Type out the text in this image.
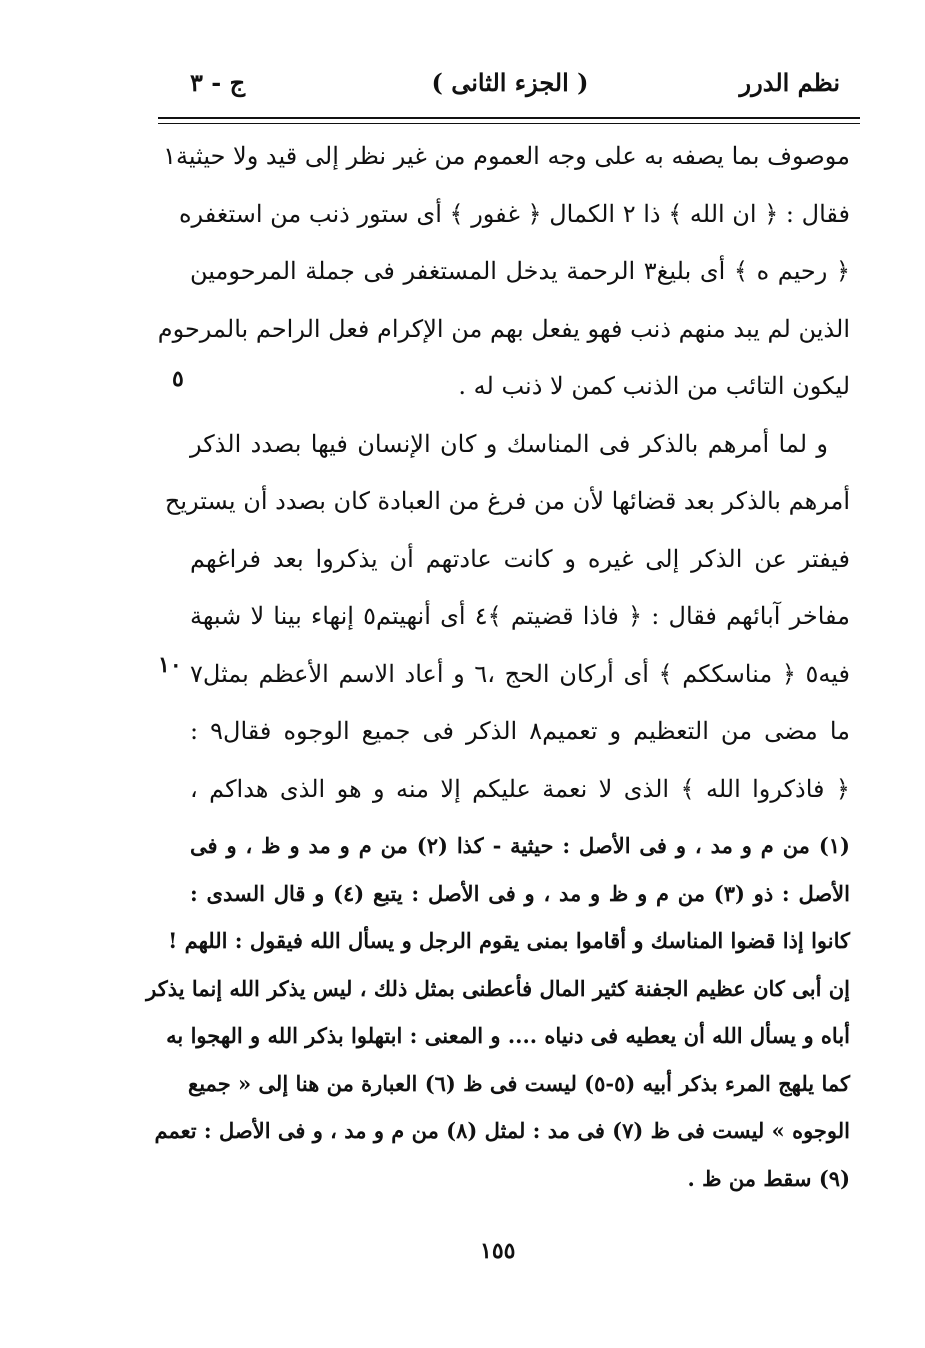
نظم الدرر
( الجزء الثانى )
ج - ٣
موصوف بما يصفه به على وجه العموم من غير نظر إلى قيد ولا حيثية١
فقال : ﴿ ان الله ﴾ ذا ٢ الكمال ﴿ غفور ﴾ أى ستور ذنب من استغفره
﴿ رحيم ه ﴾ أى بليغ٣ الرحمة يدخل المستغفر فى جملة المرحومين
الذين لم يبد منهم ذنب فهو يفعل بهم من الإكرام فعل الراحم بالمرحوم
ليكون التائب من الذنب كمن لا ذنب له .
و لما أمرهم بالذكر فى المناسك و كان الإنسان فيها بصدد الذكر
أمرهم بالذكر بعد قضائها لأن من فرغ من العبادة كان بصدد أن يستريح
فيفتر عن الذكر إلى غيره و كانت عادتهم أن يذكروا بعد فراغهم
مفاخر آبائهم فقال : ﴿ فاذا قضيتم ﴾٤ أى أنهيتم٥ إنهاء بينا لا شبهة
فيه٥ ﴿ مناسككم ﴾ أى أركان الحج ،٦ و أعاد الاسم الأعظم بمثل٧
ما مضى من التعظيم و تعميم٨ الذكر فى جميع الوجوه فقال٩ :
﴿ فاذكروا الله ﴾ الذى لا نعمة عليكم إلا منه و هو الذى هداكم ،
٥
١٠
(١) من م و مد ، و فى الأصل : حيثية - كذا (٢) من م و مد و ظ ، و فى
الأصل : ذو (٣) من م و ظ و مد ، و فى الأصل : يتبع (٤) و قال السدى :
كانوا إذا قضوا المناسك و أقاموا بمنى يقوم الرجل و يسأل الله فيقول : اللهم !
إن أبى كان عظيم الجفنة كثير المال فأعطنى بمثل ذلك ، ليس يذكر الله إنما يذكر
أباه و يسأل الله أن يعطيه فى دنياه .... و المعنى : ابتهلوا بذكر الله و الهجوا به
كما يلهج المرء بذكر أبيه (٥-٥) ليست فى ظ (٦) العبارة من هنا إلى « جميع
الوجوه » ليست فى ظ (٧) فى مد : لمثل (٨) من م و مد ، و فى الأصل : تعمم
(٩) سقط من ظ .
١٥٥
